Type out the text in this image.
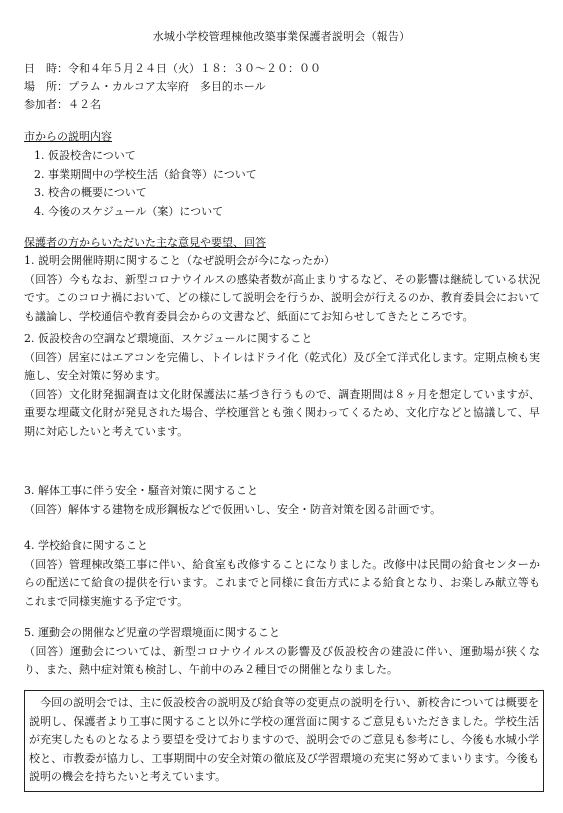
水城小学校管理棟他改築事業保護者説明会（報告）
日　時：令和４年５月２４日（火）１８：３０〜２０：００
場　所：プラム・カルコア太宰府　多目的ホール
参加者：４２名
市からの説明内容
1. 仮設校舎について
2. 事業期間中の学校生活（給食等）について
3. 校舎の概要について
4. 今後のスケジュール（案）について
保護者の方からいただいた主な意見や要望、回答
1. 説明会開催時期に関すること（なぜ説明会が今になったか）
（回答）今もなお、新型コロナウイルスの感染者数が高止まりするなど、その影響は継続している状況です。このコロナ禍において、どの様にして説明会を行うか、説明会が行えるのか、教育委員会においても議論し、学校通信や教育委員会からの文書など、紙面にてお知らせしてきたところです。
2. 仮設校舎の空調など環境面、スケジュールに関すること
（回答）居室にはエアコンを完備し、トイレはドライ化（乾式化）及び全て洋式化します。定期点検も実施し、安全対策に努めます。
（回答）文化財発掘調査は文化財保護法に基づき行うもので、調査期間は８ヶ月を想定していますが、重要な埋蔵文化財が発見された場合、学校運営とも強く関わってくるため、文化庁などと協議して、早期に対応したいと考えています。
3. 解体工事に伴う安全・騒音対策に関すること
（回答）解体する建物を成形鋼板などで仮囲いし、安全・防音対策を図る計画です。
4. 学校給食に関すること
（回答）管理棟改築工事に伴い、給食室も改修することになりました。改修中は民間の給食センターからの配送にて給食の提供を行います。これまでと同様に食缶方式による給食となり、お楽しみ献立等もこれまで同様実施する予定です。
5. 運動会の開催など児童の学習環境面に関すること
（回答）運動会については、新型コロナウイルスの影響及び仮設校舎の建設に伴い、運動場が狭くなり、また、熱中症対策も検討し、午前中のみ２種目での開催となりました。
　今回の説明会では、主に仮設校舎の説明及び給食等の変更点の説明を行い、新校舎については概要を説明し、保護者より工事に関すること以外に学校の運営面に関するご意見もいただきました。学校生活が充実したものとなるよう要望を受けておりますので、説明会でのご意見も参考にし、今後も水城小学校と、市教委が協力し、工事期間中の安全対策の徹底及び学習環境の充実に努めてまいります。今後も説明の機会を持ちたいと考えています。
